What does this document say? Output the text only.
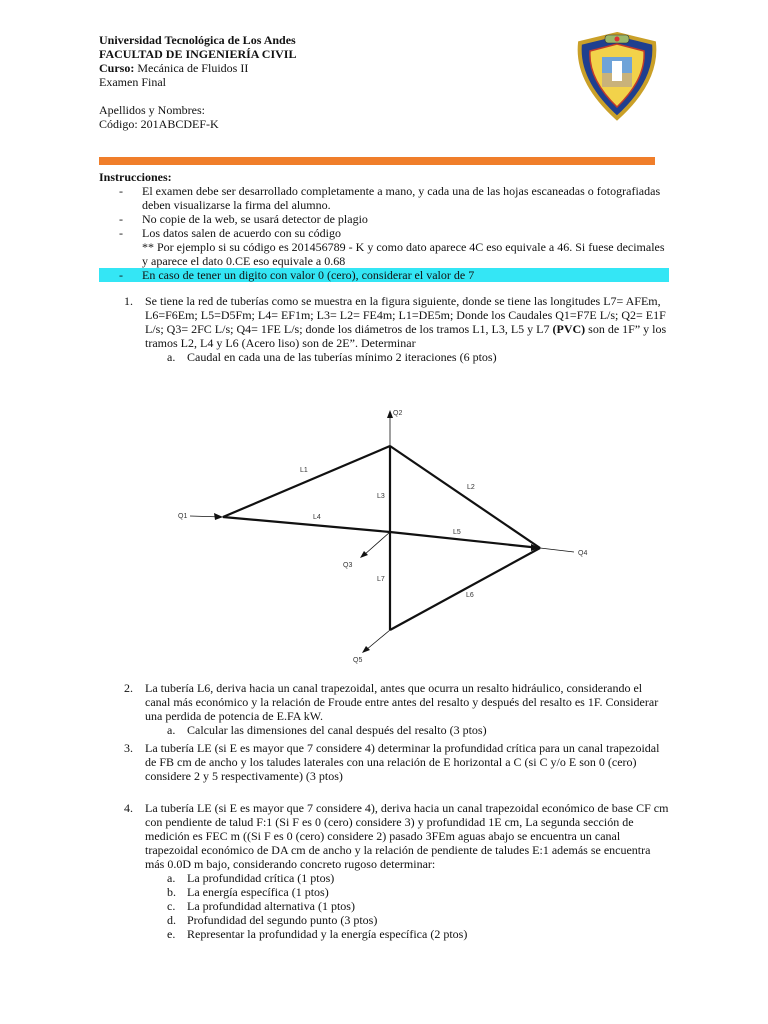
Universidad Tecnológica de Los Andes
FACULTAD DE INGENIERÍA CIVIL
Curso: Mecánica de Fluidos II
Examen Final
Apellidos y Nombres:
Código: 201ABCDEF-K
Instrucciones:
- El examen debe ser desarrollado completamente a mano, y cada una de las hojas escaneadas o fotografiadas deben visualizarse la firma del alumno.
- No copie de la web, se usará detector de plagio
- Los datos salen de acuerdo con su código
** Por ejemplo si su código es 201456789 - K y como dato aparece 4C eso equivale a 46. Si fuese decimales y aparece el dato 0.CE eso equivale a 0.68
- En caso de tener un digito con valor 0 (cero), considerar el valor de 7
1. Se tiene la red de tuberías como se muestra en la figura siguiente, donde se tiene las longitudes L7= AFEm, L6=F6Em; L5=D5Fm; L4= EF1m; L3= L2= FE4m; L1=DE5m; Donde los Caudales Q1=F7E L/s; Q2= E1F L/s; Q3= 2FC L/s; Q4= 1FE L/s; donde los diámetros de los tramos L1, L3, L5 y L7 (PVC) son de 1F” y los tramos L2, L4 y L6 (Acero liso) son de 2E”. Determinar
a. Caudal en cada una de las tuberías mínimo 2 iteraciones (6 ptos)
Q1
Q2
Q3
Q4
Q5
L1
L2
L3
L4
L5
L6
L7
2. La tubería L6, deriva hacia un canal trapezoidal, antes que ocurra un resalto hidráulico, considerando el canal más económico y la relación de Froude entre antes del resalto y después del resalto es 1F. Considerar una perdida de potencia de E.FA kW.
a. Calcular las dimensiones del canal después del resalto (3 ptos)
3. La tubería LE (si E es mayor que 7 considere 4) determinar la profundidad crítica para un canal trapezoidal de FB cm de ancho y los taludes laterales con una relación de E horizontal a C (si C y/o E son 0 (cero) considere 2 y 5 respectivamente) (3 ptos)
4. La tubería LE (si E es mayor que 7 considere 4), deriva hacia un canal trapezoidal económico de base CF cm con pendiente de talud F:1 (Si F es 0 (cero) considere 3) y profundidad 1E cm, La segunda sección de medición es FEC m ((Si F es 0 (cero) considere 2) pasado 3FEm aguas abajo se encuentra un canal trapezoidal económico de DA cm de ancho y la relación de pendiente de taludes E:1 además se encuentra más 0.0D m bajo, considerando concreto rugoso determinar:
a. La profundidad crítica (1 ptos)
b. La energía específica (1 ptos)
c. La profundidad alternativa (1 ptos)
d. Profundidad del segundo punto (3 ptos)
e. Representar la profundidad y la energía específica (2 ptos)
